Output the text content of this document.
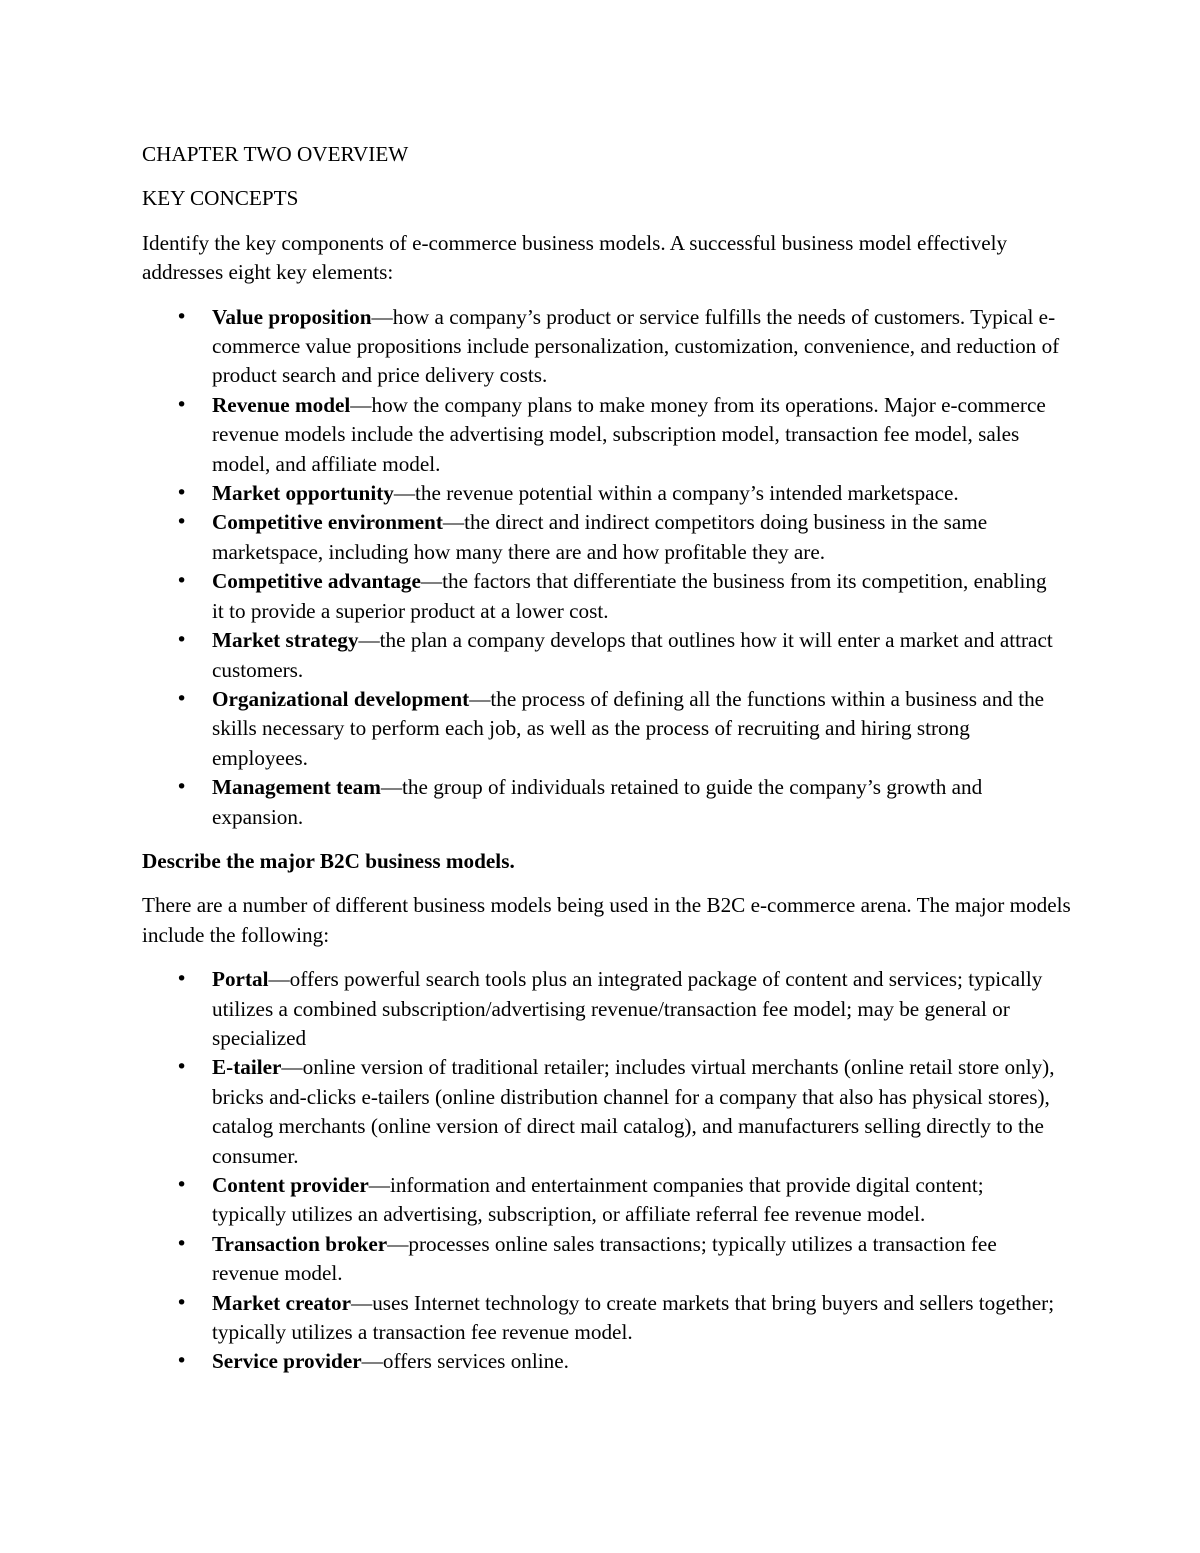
CHAPTER TWO OVERVIEW
KEY CONCEPTS

Identify the key components of e-commerce business models. A successful business model effectively addresses eight key elements:

• Value proposition—how a company’s product or service fulfills the needs of customers. Typical e-commerce value propositions include personalization, customization, convenience, and reduction of product search and price delivery costs.
• Revenue model—how the company plans to make money from its operations. Major e-commerce revenue models include the advertising model, subscription model, transaction fee model, sales model, and affiliate model.
• Market opportunity—the revenue potential within a company’s intended marketspace.
• Competitive environment—the direct and indirect competitors doing business in the same marketspace, including how many there are and how profitable they are.
• Competitive advantage—the factors that differentiate the business from its competition, enabling it to provide a superior product at a lower cost.
• Market strategy—the plan a company develops that outlines how it will enter a market and attract customers.
• Organizational development—the process of defining all the functions within a business and the skills necessary to perform each job, as well as the process of recruiting and hiring strong employees.
• Management team—the group of individuals retained to guide the company’s growth and expansion.

Describe the major B2C business models.

There are a number of different business models being used in the B2C e-commerce arena. The major models include the following:

• Portal—offers powerful search tools plus an integrated package of content and services; typically utilizes a combined subscription/advertising revenue/transaction fee model; may be general or specialized
• E-tailer—online version of traditional retailer; includes virtual merchants (online retail store only), bricks and-clicks e-tailers (online distribution channel for a company that also has physical stores), catalog merchants (online version of direct mail catalog), and manufacturers selling directly to the consumer.
• Content provider—information and entertainment companies that provide digital content; typically utilizes an advertising, subscription, or affiliate referral fee revenue model.
• Transaction broker—processes online sales transactions; typically utilizes a transaction fee revenue model.
• Market creator—uses Internet technology to create markets that bring buyers and sellers together; typically utilizes a transaction fee revenue model.
• Service provider—offers services online.
